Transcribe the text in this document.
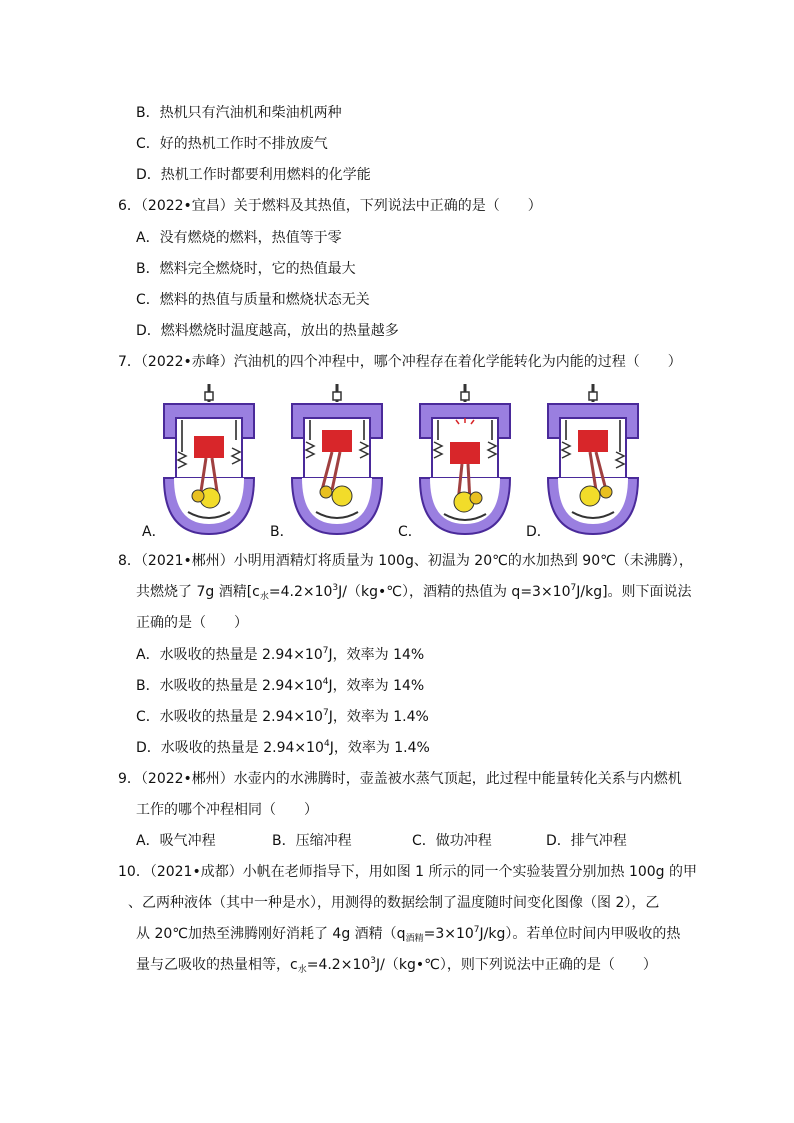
B．热机只有汽油机和柴油机两种
C．好的热机工作时不排放废气
D．热机工作时都要利用燃料的化学能
6．（2022•宜昌）关于燃料及其热值，下列说法中正确的是（　　）
A．没有燃烧的燃料，热值等于零
B．燃料完全燃烧时，它的热值最大
C．燃料的热值与质量和燃烧状态无关
D．燃料燃烧时温度越高，放出的热量越多
7．（2022•赤峰）汽油机的四个冲程中，哪个冲程存在着化学能转化为内能的过程（　　）
A．	B．	C．	D．
8．（2021•郴州）小明用酒精灯将质量为 100g、初温为 20℃的水加热到 90℃（未沸腾），
共燃烧了 7g 酒精[$c_水=4.2\times 10^3J/(kg•℃)$，酒精的热值为 $q=3\times 10^7J/kg$]。则下面说法
正确的是（　　）
A．水吸收的热量是 $2.94\times 10^7J$，效率为 14%
B．水吸收的热量是 $2.94\times 10^4J$，效率为 14%
C．水吸收的热量是 $2.94\times 10^7J$，效率为 1.4%
D．水吸收的热量是 $2.94\times 10^4J$，效率为 1.4%
9．（2022•郴州）水壶内的水沸腾时，壶盖被水蒸气顶起，此过程中能量转化关系与内燃机
工作的哪个冲程相同（　　）
A．吸气冲程	B．压缩冲程	C．做功冲程	D．排气冲程
10．（2021•成都）小帆在老师指导下，用如图 1 所示的同一个实验装置分别加热 100g 的甲
、乙两种液体（其中一种是水），用测得的数据绘制了温度随时间变化图像（图 2），乙
从 20℃加热至沸腾刚好消耗了 4g 酒精$(q_{酒精}=3\times 10^7J/kg)$。若单位时间内甲吸收的热
量与乙吸收的热量相等，$c_水=4.2\times 10^3J/(kg•℃)$，则下列说法中正确的是（　　）
